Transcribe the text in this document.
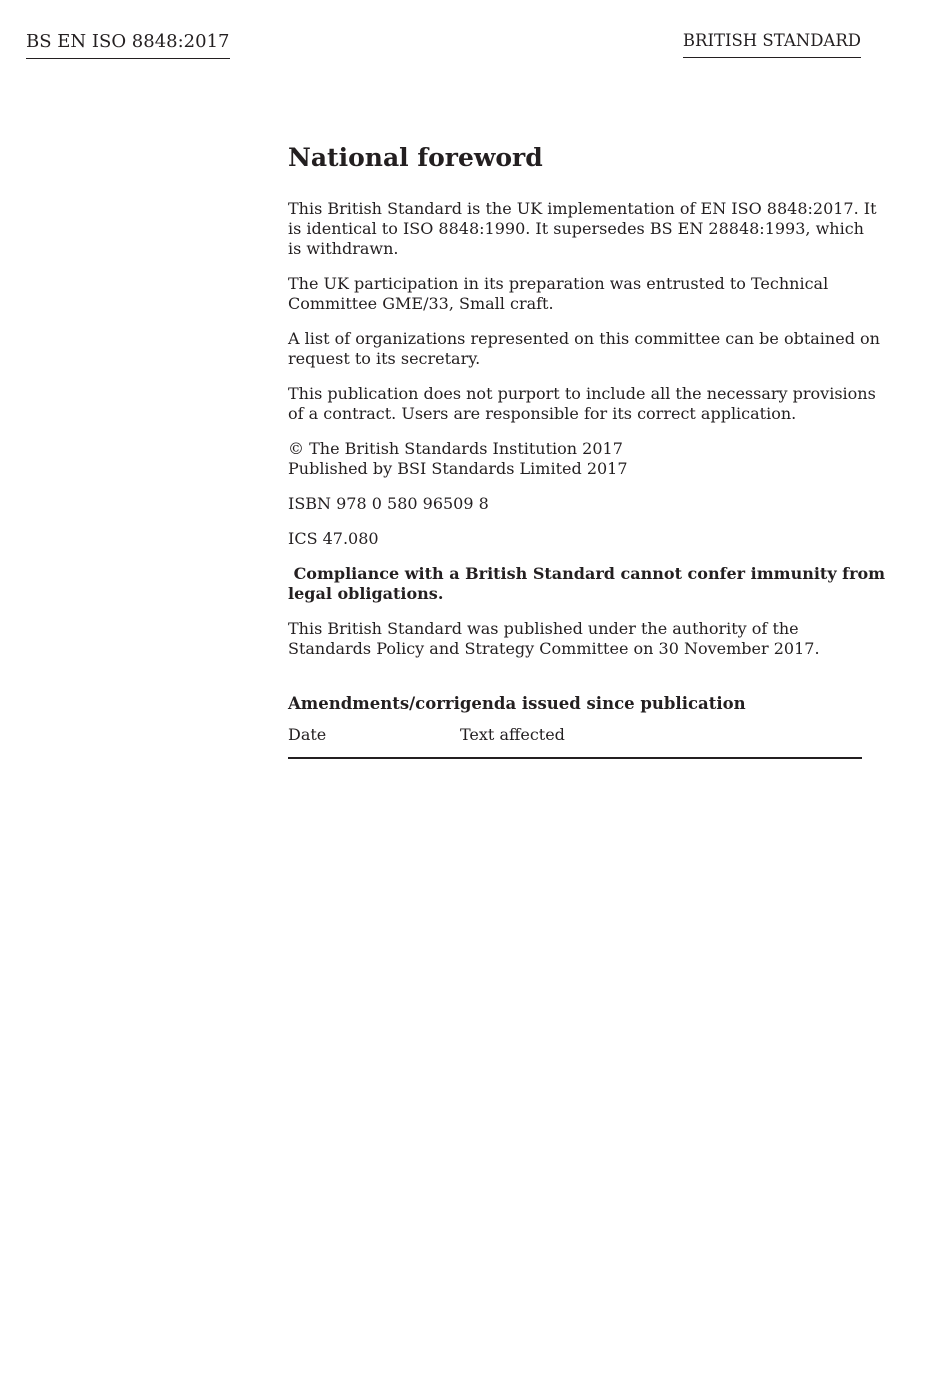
BS EN ISO 8848:2017	BRITISH STANDARD
National foreword

This British Standard is the UK implementation of EN ISO 8848:2017. It
is identical to ISO 8848:1990. It supersedes BS EN 28848:1993, which
is withdrawn.

The UK participation in its preparation was entrusted to Technical
Committee GME/33, Small craft.

A list of organizations represented on this committee can be obtained on
request to its secretary.

This publication does not purport to include all the necessary provisions
of a contract. Users are responsible for its correct application.

© The British Standards Institution 2017
Published by BSI Standards Limited 2017

ISBN 978 0 580 96509 8

ICS 47.080

Compliance with a British Standard cannot confer immunity from
legal obligations.

This British Standard was published under the authority of the
Standards Policy and Strategy Committee on 30 November 2017.

Amendments/corrigenda issued since publication
Date	Text affected
